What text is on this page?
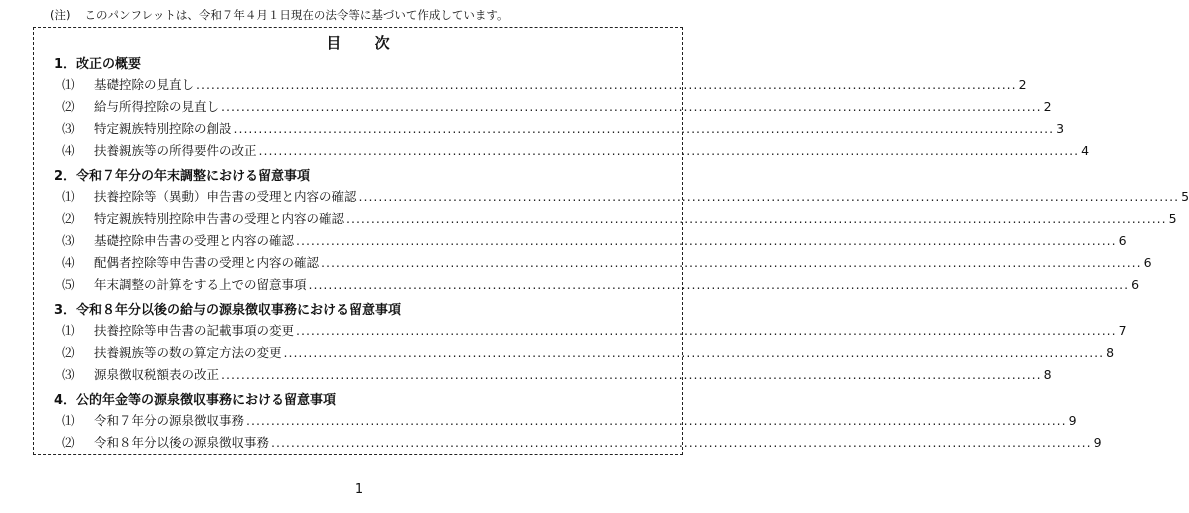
(注) このパンフレットは、令和７年４月１日現在の法令等に基づいて作成しています。
目 次
1．改正の概要
⑴	基礎控除の見直し ..................................................................................................................................................................... 2
⑵	給与所得控除の見直し ..................................................................................................................................................................... 2
⑶	特定親族特別控除の創設 ..................................................................................................................................................................... 3
⑷	扶養親族等の所得要件の改正 ..................................................................................................................................................................... 4
2．令和７年分の年末調整における留意事項
⑴	扶養控除等（異動）申告書の受理と内容の確認 ..................................................................................................................................................................... 5
⑵	特定親族特別控除申告書の受理と内容の確認 ..................................................................................................................................................................... 5
⑶	基礎控除申告書の受理と内容の確認 ..................................................................................................................................................................... 6
⑷	配偶者控除等申告書の受理と内容の確認 ..................................................................................................................................................................... 6
⑸	年末調整の計算をする上での留意事項 ..................................................................................................................................................................... 6
3．令和８年分以後の給与の源泉徴収事務における留意事項
⑴	扶養控除等申告書の記載事項の変更 ..................................................................................................................................................................... 7
⑵	扶養親族等の数の算定方法の変更 ..................................................................................................................................................................... 8
⑶	源泉徴収税額表の改正 ..................................................................................................................................................................... 8
4．公的年金等の源泉徴収事務における留意事項
⑴	令和７年分の源泉徴収事務 ..................................................................................................................................................................... 9
⑵	令和８年分以後の源泉徴収事務 ..................................................................................................................................................................... 9
1
